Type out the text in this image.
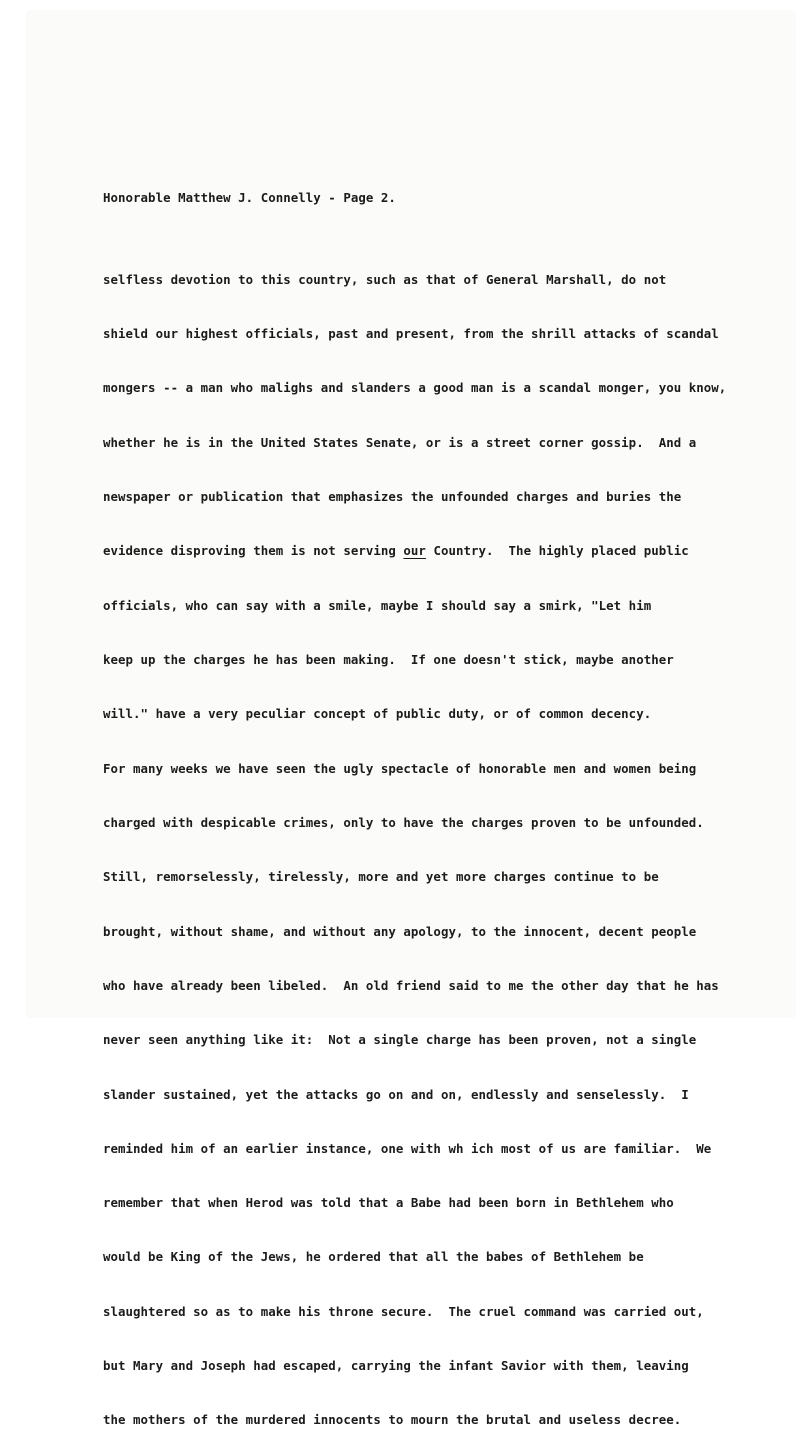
Honorable Matthew J. Connelly - Page 2.

selfless devotion to this country, such as that of General Marshall, do not

shield our highest officials, past and present, from the shrill attacks of scandal

mongers -- a man who malighs and slanders a good man is a scandal monger, you know,

whether he is in the United States Senate, or is a street corner gossip.  And a

newspaper or publication that emphasizes the unfounded charges and buries the

evidence disproving them is not serving our Country.  The highly placed public

officials, who can say with a smile, maybe I should say a smirk, "Let him

keep up the charges he has been making.  If one doesn't stick, maybe another

will." have a very peculiar concept of public duty, or of common decency.

For many weeks we have seen the ugly spectacle of honorable men and women being

charged with despicable crimes, only to have the charges proven to be unfounded.

Still, remorselessly, tirelessly, more and yet more charges continue to be

brought, without shame, and without any apology, to the innocent, decent people

who have already been libeled.  An old friend said to me the other day that he has

never seen anything like it:  Not a single charge has been proven, not a single

slander sustained, yet the attacks go on and on, endlessly and senselessly.  I

reminded him of an earlier instance, one with wh ich most of us are familiar.  We

remember that when Herod was told that a Babe had been born in Bethlehem who

would be King of the Jews, he ordered that all the babes of Bethlehem be

slaughtered so as to make his throne secure.  The cruel command was carried out,

but Mary and Joseph had escaped, carrying the infant Savior with them, leaving

the mothers of the murdered innocents to mourn the brutal and useless decree.
